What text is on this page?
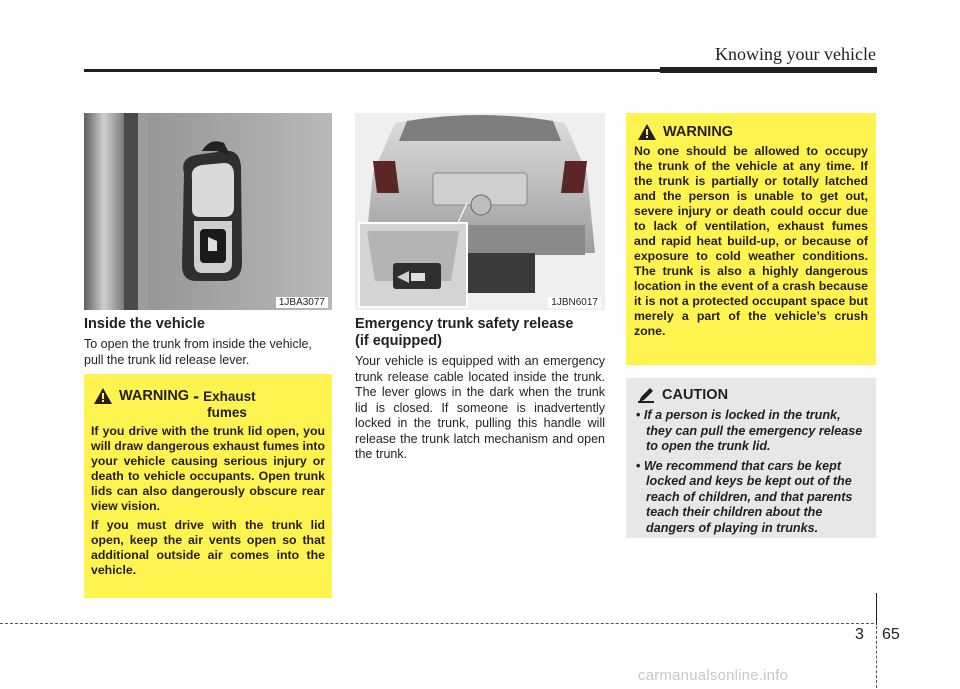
Knowing your vehicle
1JBA3077
Inside the vehicle

To open the trunk from inside the vehicle, pull the trunk lid release lever.

WARNING - Exhaust
fumes

If you drive with the trunk lid open, you will draw dangerous exhaust fumes into your vehicle causing serious injury or death to vehicle occupants. Open trunk lids can also dangerously obscure rear view vision.

If you must drive with the trunk lid open, keep the air vents open so that additional outside air comes into the vehicle.

1JBN6017
Emergency trunk safety release
(if equipped)

Your vehicle is equipped with an emergency trunk release cable located inside the trunk. The lever glows in the dark when the trunk lid is closed. If someone is inadvertently locked in the trunk, pulling this handle will release the trunk latch mechanism and open the trunk.

WARNING

No one should be allowed to occupy the trunk of the vehicle at any time. If the trunk is partially or totally latched and the person is unable to get out, severe injury or death could occur due to lack of ventilation, exhaust fumes and rapid heat build-up, or because of exposure to cold weather conditions. The trunk is also a highly dangerous location in the event of a crash because it is not a protected occupant space but merely a part of the vehicle’s crush zone.

CAUTION
• If a person is locked in the trunk, they can pull the emergency release to open the trunk lid.
• We recommend that cars be kept locked and keys be kept out of the reach of children, and that parents teach their children about the dangers of playing in trunks.
3 65
carmanualsonline.info
